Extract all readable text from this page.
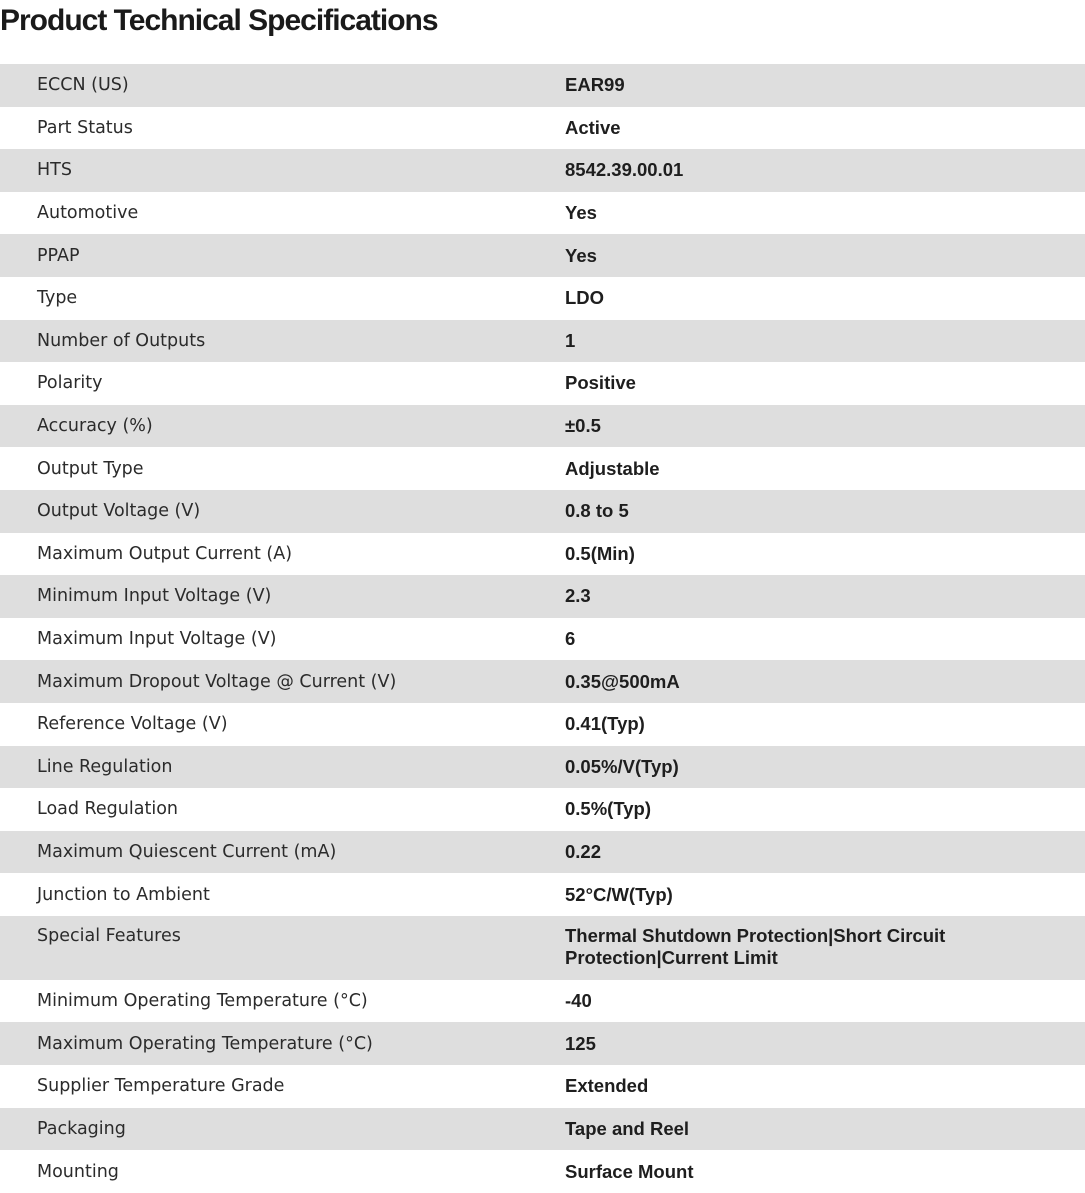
Product Technical Specifications
ECCN (US)	EAR99
Part Status	Active
HTS	8542.39.00.01
Automotive	Yes
PPAP	Yes
Type	LDO
Number of Outputs	1
Polarity	Positive
Accuracy (%)	±0.5
Output Type	Adjustable
Output Voltage (V)	0.8 to 5
Maximum Output Current (A)	0.5(Min)
Minimum Input Voltage (V)	2.3
Maximum Input Voltage (V)	6
Maximum Dropout Voltage @ Current (V)	0.35@500mA
Reference Voltage (V)	0.41(Typ)
Line Regulation	0.05%/V(Typ)
Load Regulation	0.5%(Typ)
Maximum Quiescent Current (mA)	0.22
Junction to Ambient	52°C/W(Typ)
Special Features	Thermal Shutdown Protection|Short Circuit Protection|Current Limit
Minimum Operating Temperature (°C)	-40
Maximum Operating Temperature (°C)	125
Supplier Temperature Grade	Extended
Packaging	Tape and Reel
Mounting	Surface Mount
